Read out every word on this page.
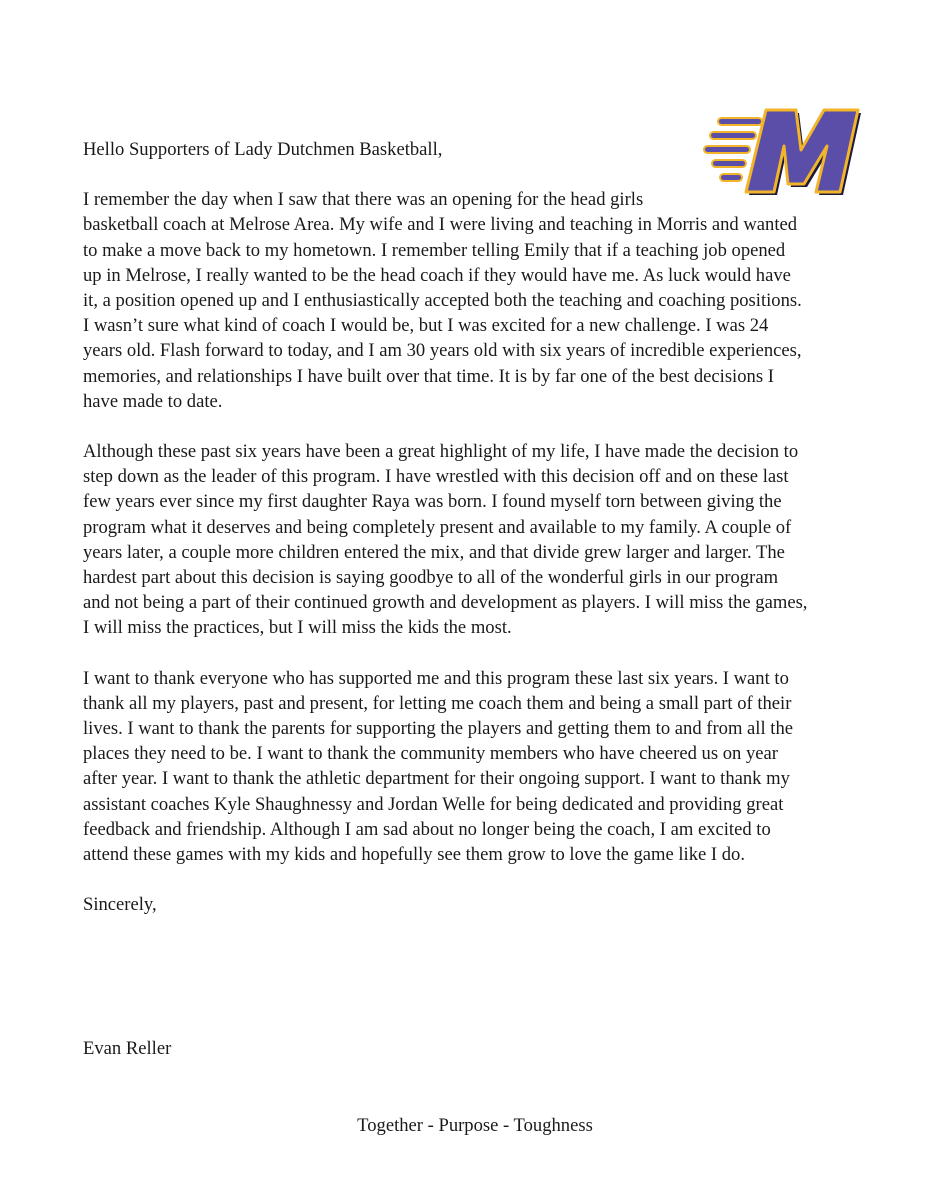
Hello Supporters of Lady Dutchmen Basketball,

I remember the day when I saw that there was an opening for the head girls
basketball coach at Melrose Area. My wife and I were living and teaching in Morris and wanted
to make a move back to my hometown. I remember telling Emily that if a teaching job opened
up in Melrose, I really wanted to be the head coach if they would have me. As luck would have
it, a position opened up and I enthusiastically accepted both the teaching and coaching positions.
I wasn’t sure what kind of coach I would be, but I was excited for a new challenge. I was 24
years old. Flash forward to today, and I am 30 years old with six years of incredible experiences,
memories, and relationships I have built over that time. It is by far one of the best decisions I
have made to date.
Although these past six years have been a great highlight of my life, I have made the decision to
step down as the leader of this program. I have wrestled with this decision off and on these last
few years ever since my first daughter Raya was born. I found myself torn between giving the
program what it deserves and being completely present and available to my family. A couple of
years later, a couple more children entered the mix, and that divide grew larger and larger. The
hardest part about this decision is saying goodbye to all of the wonderful girls in our program
and not being a part of their continued growth and development as players. I will miss the games,
I will miss the practices, but I will miss the kids the most.
I want to thank everyone who has supported me and this program these last six years. I want to
thank all my players, past and present, for letting me coach them and being a small part of their
lives. I want to thank the parents for supporting the players and getting them to and from all the
places they need to be. I want to thank the community members who have cheered us on year
after year. I want to thank the athletic department for their ongoing support. I want to thank my
assistant coaches Kyle Shaughnessy and Jordan Welle for being dedicated and providing great
feedback and friendship. Although I am sad about no longer being the coach, I am excited to
attend these games with my kids and hopefully see them grow to love the game like I do.

Sincerely,

Evan Reller

Together - Purpose - Toughness
